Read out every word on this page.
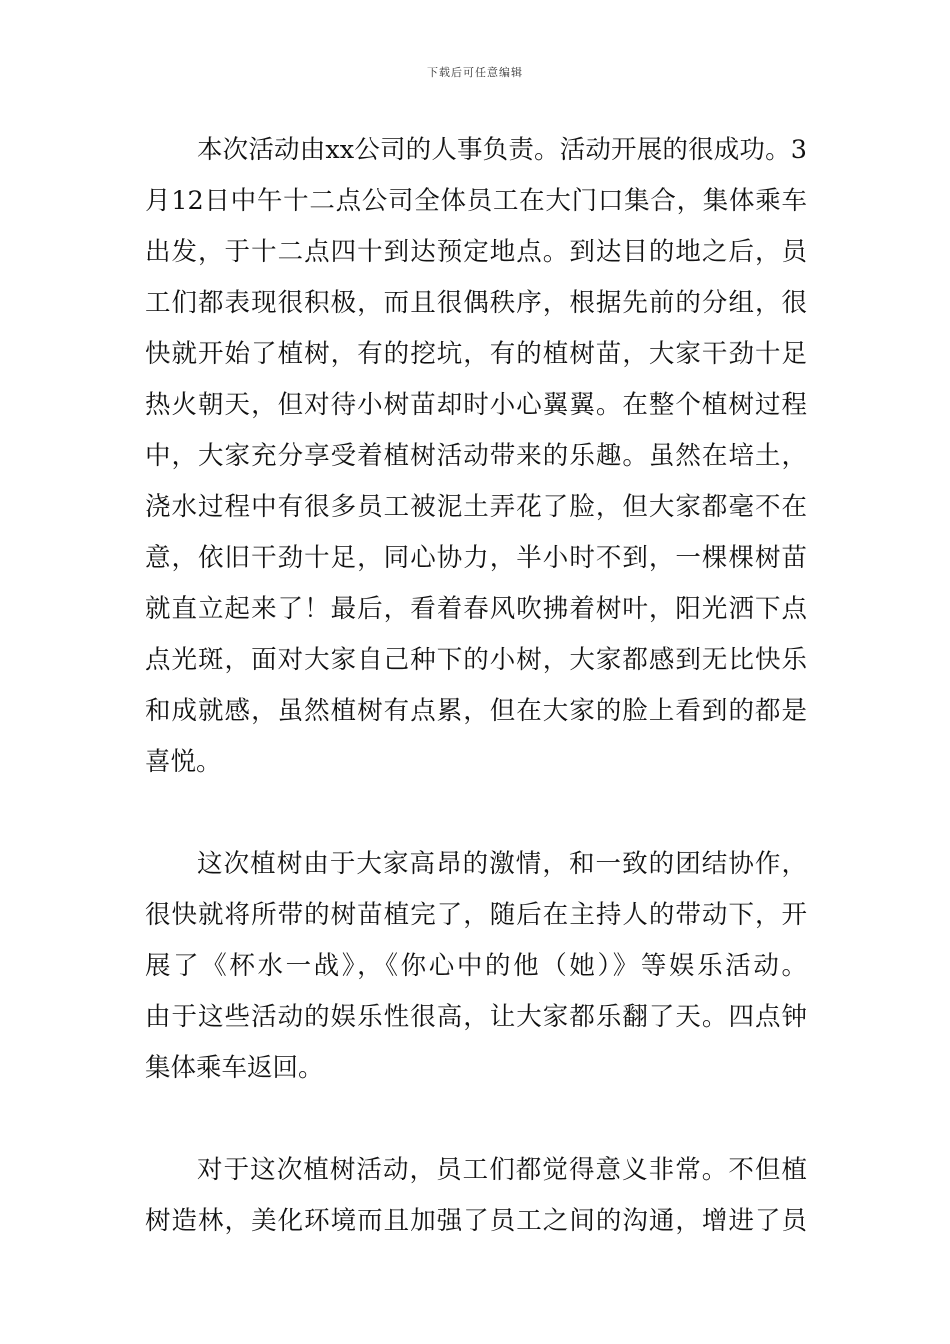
下载后可任意编辑
本次活动由xx公司的人事负责。活动开展的很成功。3
月12日中午十二点公司全体员工在大门口集合，集体乘车
出发，于十二点四十到达预定地点。到达目的地之后，员
工们都表现很积极，而且很偶秩序，根据先前的分组，很
快就开始了植树，有的挖坑，有的植树苗，大家干劲十足
热火朝天，但对待小树苗却时小心翼翼。在整个植树过程
中，大家充分享受着植树活动带来的乐趣。虽然在培土，
浇水过程中有很多员工被泥土弄花了脸，但大家都毫不在
意，依旧干劲十足，同心协力，半小时不到，一棵棵树苗
就直立起来了！最后，看着春风吹拂着树叶，阳光洒下点
点光斑，面对大家自己种下的小树，大家都感到无比快乐
和成就感，虽然植树有点累，但在大家的脸上看到的都是
喜悦。
这次植树由于大家高昂的激情，和一致的团结协作，
很快就将所带的树苗植完了，随后在主持人的带动下，开
展了《杯水一战》，《你心中的他（她）》等娱乐活动。
由于这些活动的娱乐性很高，让大家都乐翻了天。四点钟
集体乘车返回。
对于这次植树活动，员工们都觉得意义非常。不但植
树造林，美化环境而且加强了员工之间的沟通，增进了员
